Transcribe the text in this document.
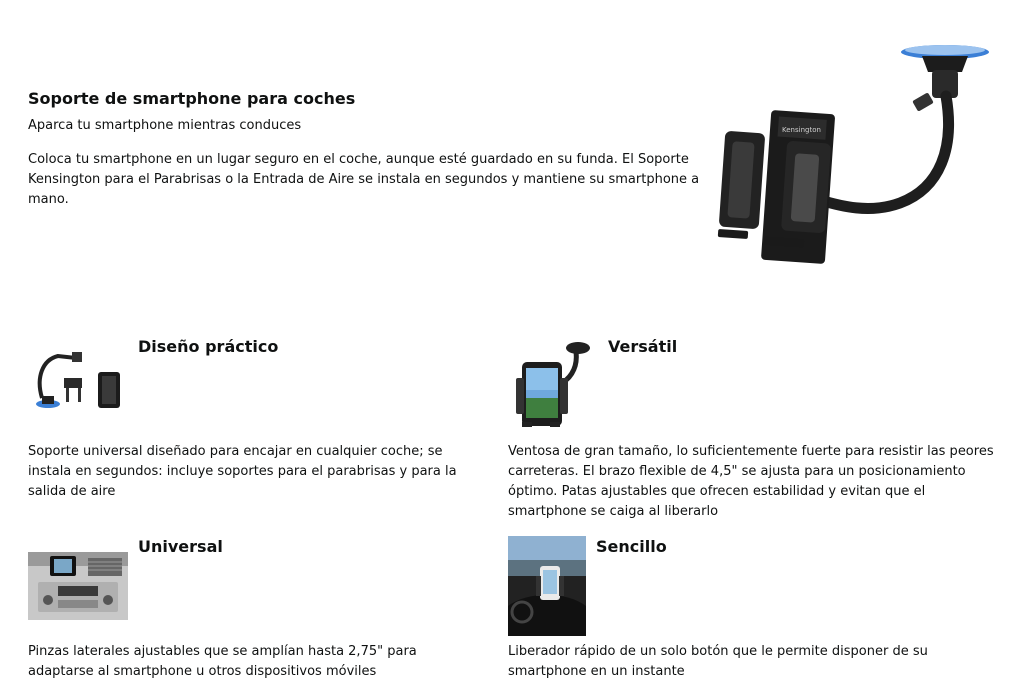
Soporte de smartphone para coches
Aparca tu smartphone mientras conduces

Coloca tu smartphone en un lugar seguro en el coche, aunque esté guardado en su funda. El Soporte Kensington para el Parabrisas o la Entrada de Aire se instala en segundos y mantiene su smartphone a mano.

Kensington
Diseño práctico

Soporte universal diseñado para encajar en cualquier coche; se instala en segundos: incluye soportes para el parabrisas y para la salida de aire

Versátil

Ventosa de gran tamaño, lo suficientemente fuerte para resistir las peores carreteras. El brazo flexible de 4,5" se ajusta para un posicionamiento óptimo. Patas ajustables que ofrecen estabilidad y evitan que el smartphone se caiga al liberarlo

Universal

Pinzas laterales ajustables que se amplían hasta 2,75" para adaptarse al smartphone u otros dispositivos móviles

Sencillo

Liberador rápido de un solo botón que le permite disponer de su smartphone en un instante
